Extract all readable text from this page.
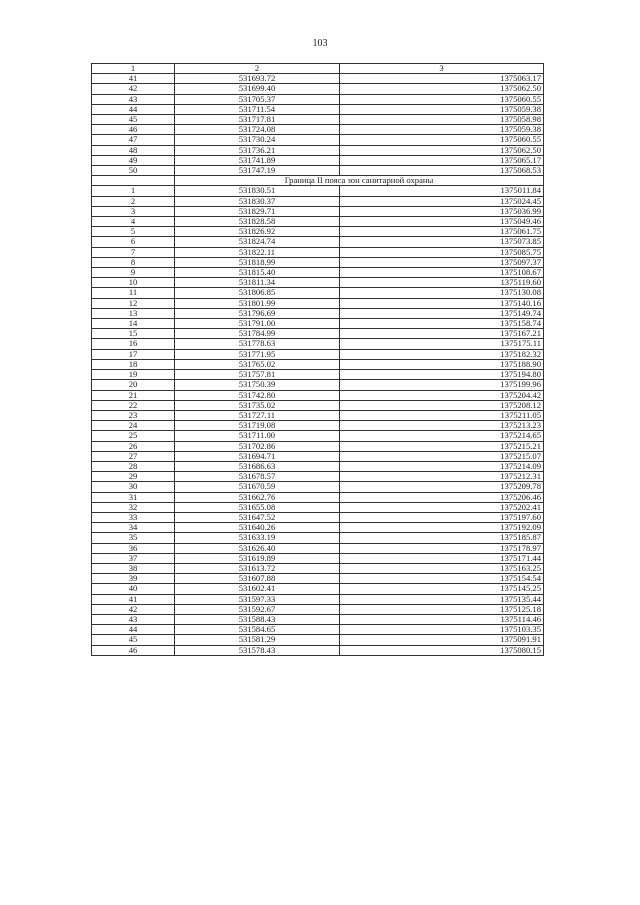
103
1	2	3
41	531693.72	1375063.17
42	531699.40	1375062.50
43	531705.37	1375060.55
44	531711.54	1375059.38
45	531717.81	1375058.98
46	531724.08	1375059.38
47	531730.24	1375060.55
48	531736.21	1375062.50
49	531741.89	1375065.17
50	531747.19	1375068.53
	Граница II пояса зон санитарной охраны	
1	531830.51	1375011.84
2	531830.37	1375024.45
3	531829.71	1375036.99
4	531828.58	1375049.46
5	531826.92	1375061.75
6	531824.74	1375073.85
7	531822.11	1375085.75
8	531818.99	1375097.37
9	531815.40	1375108.67
10	531811.34	1375119.60
11	531806.85	1375130.08
12	531801.99	1375140.16
13	531796.69	1375149.74
14	531791.00	1375158.74
15	531784.99	1375167.21
16	531778.63	1375175.11
17	531771.95	1375182.32
18	531765.02	1375188.90
19	531757.81	1375194.80
20	531750.39	1375199.96
21	531742.80	1375204.42
22	531735.02	1375208.12
23	531727.11	1375211.05
24	531719.08	1375213.23
25	531711.00	1375214.65
26	531702.86	1375215.21
27	531694.71	1375215.07
28	531686.63	1375214.09
29	531678.57	1375212.31
30	531670.59	1375209.78
31	531662.76	1375206.46
32	531655.08	1375202.41
33	531647.52	1375197.60
34	531640.26	1375192.09
35	531633.19	1375185.87
36	531626.40	1375178.97
37	531619.89	1375171.44
38	531613.72	1375163.25
39	531607.88	1375154.54
40	531602.41	1375145.25
41	531597.33	1375135.44
42	531592.67	1375125.18
43	531588.43	1375114.46
44	531584.65	1375103.35
45	531581.29	1375091.91
46	531578.43	1375080.15
